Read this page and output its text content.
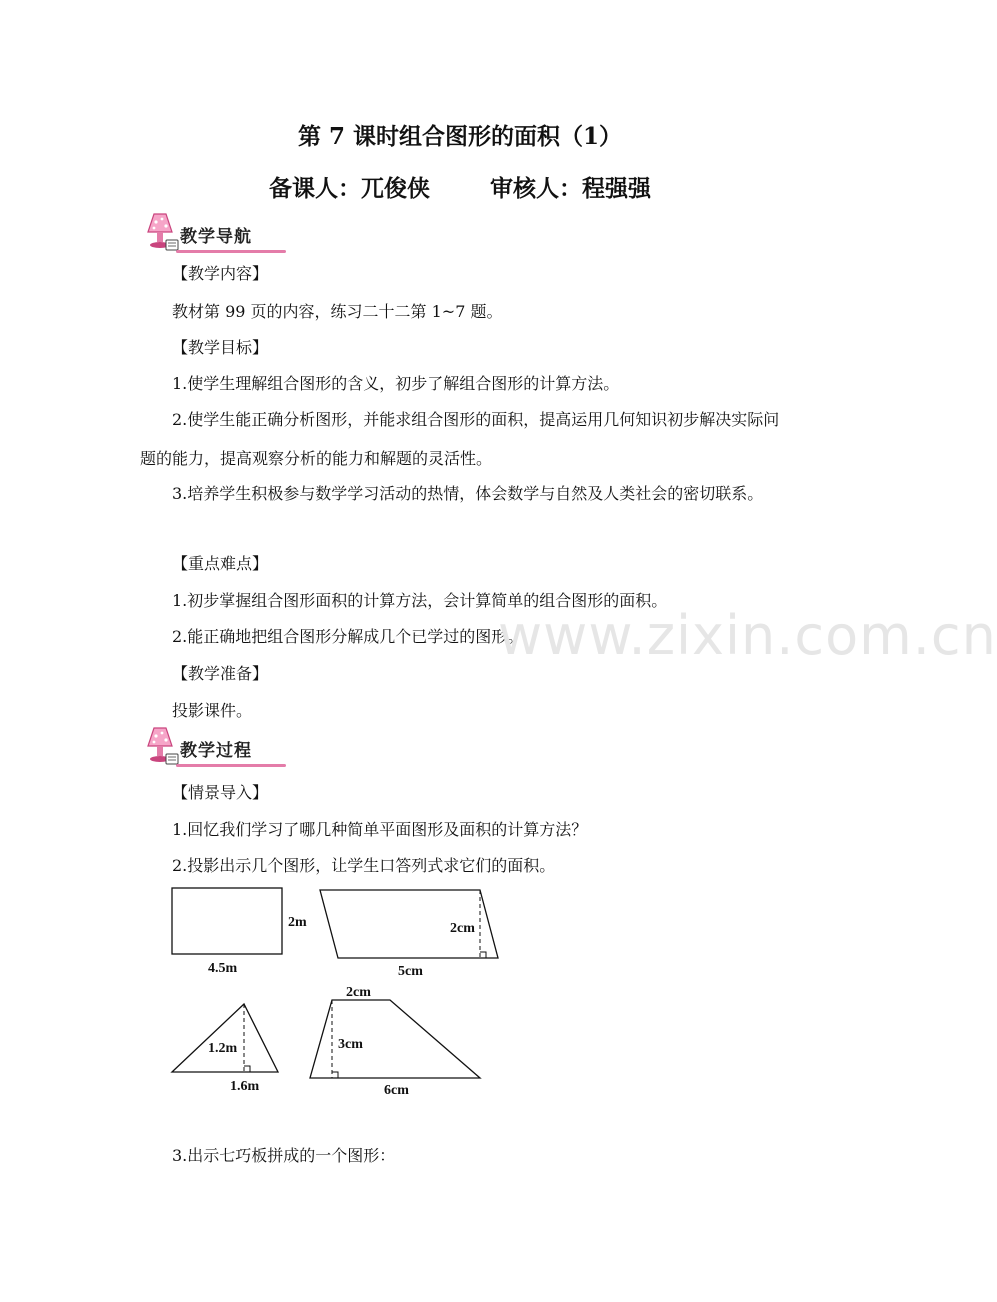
第 7 课时组合图形的面积（1）
备课人：兀俊侠	审核人：程强强
教学导航
【教学内容】
教材第 99 页的内容，练习二十二第 1~7 题。
【教学目标】
1.使学生理解组合图形的含义，初步了解组合图形的计算方法。
2.使学生能正确分析图形，并能求组合图形的面积，提高运用几何知识初步解决实际问题的能力，提高观察分析的能力和解题的灵活性。
3.培养学生积极参与数学学习活动的热情，体会数学与自然及人类社会的密切联系。
【重点难点】
1.初步掌握组合图形面积的计算方法，会计算简单的组合图形的面积。
2.能正确地把组合图形分解成几个已学过的图形。
【教学准备】
投影课件。
www.zixin.com.cn
教学过程
【情景导入】
1.回忆我们学习了哪几种简单平面图形及面积的计算方法？
2.投影出示几个图形，让学生口答列式求它们的面积。
2m
4.5m
2cm
5cm
1.2m
1.6m
2cm
3cm
6cm
3.出示七巧板拼成的一个图形：
